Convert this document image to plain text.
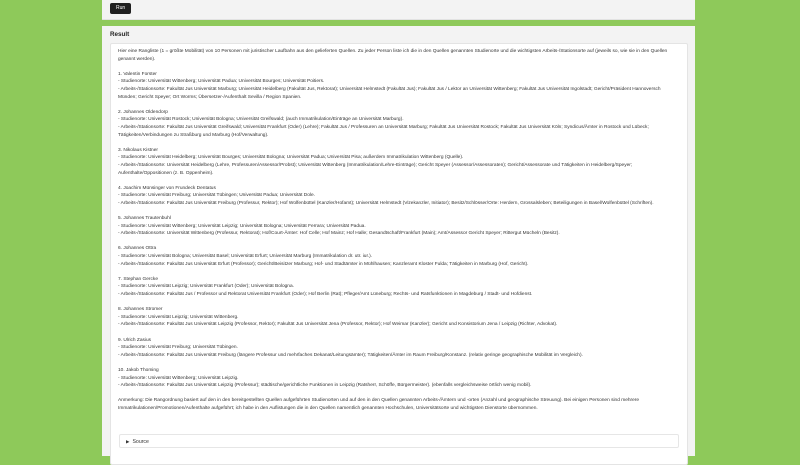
Run
Result
Hier eine Rangliste (1 = größte Mobilität) von 10 Personen mit juristischer Laufbahn aus den gelieferten Quellen. Zu jeder Person liste ich die in den Quellen genannten Studienorte und die wichtigsten Arbeits-/Stationsorte auf (jeweils so, wie sie in den Quellen genannt werden).

1. Valentin Forster
- Studienorte: Universität Wittenberg; Universität Padua; Universität Bourges; Universität Poitiers.
- Arbeits-/Stationsorte: Fakultät Jus Universität Marburg; Universität Heidelberg (Fakultät Jus, Rektorat); Universität Helmstedt (Fakultät Jus); Fakultät Jus / Lektor an Universität Wittenberg; Fakultät Jus Universität Ingolstadt; Gericht/Präsident Hannoversch Münden; Gericht Speyer; Ort Worms; Übersetzer-/Aufenthalt Sevilla / Region Spanien.

2. Johannes Oldendorp
- Studienorte: Universität Rostock; Universität Bologna; Universität Greifswald; (auch Immatrikulation/Einträge an Universität Marburg).
- Arbeits-/Stationsorte: Fakultät Jus Universität Greifswald; Universität Frankfurt (Oder) (Lehre); Fakultät Jus / Professuren an Universität Marburg; Fakultät Jus Universität Rostock; Fakultät Jus Universität Köln; Syndicus/Ämter in Rostock und Lübeck; Tätigkeiten/Verbindungen zu Straßburg und Marburg (Hof/Verwaltung).

3. Nikolaus Kistner
- Studienorte: Universität Heidelberg; Universität Bourges; Universität Bologna; Universität Padua; Universität Pisa; außerdem Immatrikulation Wittenberg (Quelle).
- Arbeits-/Stationsorte: Universität Heidelberg (Lehre, Professuren/Assessor/Probst); Universität Wittenberg (Immatrikulation/Lehre-Einträge); Gericht Speyer (Assessor/Assessoraten); Gericht/Assessorate und Tätigkeiten in Heidelberg/Speyer; Aufenthalte/Oppositionen (z. B. Oppenheim).

4. Joachim Münsinger von Frundeck Dentatus
- Studienorte: Universität Freiburg; Universität Tübingen; Universität Padua; Universität Dole.
- Arbeits-/Stationsorte: Fakultät Jus Universität Freiburg (Professur, Rektor); Hof Wolfenbüttel (Kanzler/Hofamt); Universität Helmstedt (Vizekanzler, Initiator); Besitz/Schlösser/Orte: Herdern, Grossalsleben; Beteiligungen in Basel/Wolfenbüttel (Schriften).

5. Johannes Trautenbuhl
- Studienorte: Universität Wittenberg; Universität Leipzig; Universität Bologna; Universität Ferrara; Universität Padua.
- Arbeits-/Stationsorte: Universität Wittenberg (Professur, Rektorat); Hof/Court-Ämter: Hof Celle; Hof Mainz; Hof Halle; Gesandtschaft/Frankfurt (Main); Amt/Assessor Gericht Speyer; Rittergut Mücheln (Besitz).

6. Johannes Ottra
- Studienorte: Universität Bologna; Universität Basel; Universität Erfurt; Universität Marburg (Immatrikulation dr. utr. iur.).
- Arbeits-/Stationsorte: Fakultät Jus Universität Erfurt (Professor); Gericht/Beisitzer Marburg; Hof- und Stadtämter in Mühlhausen; Kanzleramt Kloster Fulda; Tätigkeiten in Marburg (Hof, Gericht).

7. Stephan Gercke
- Studienorte: Universität Leipzig; Universität Frankfurt (Oder); Universität Bologna.
- Arbeits-/Stationsorte: Fakultät Jus / Professor und Rektorat Universität Frankfurt (Oder); Hof Berlin (Rat); Pfleger/Amt Lüneburg; Rechts- und Ratsfunktionen in Magdeburg / Stadt- und Hofdienst.

8. Johannes Stromer
- Studienorte: Universität Leipzig; Universität Wittenberg.
- Arbeits-/Stationsorte: Fakultät Jus Universität Leipzig (Professor, Rektor); Fakultät Jus Universität Jena (Professor, Rektor); Hof Weimar (Kanzler); Gericht und Konsistorium Jena / Leipzig (Richter, Advokat).

9. Ulrich Zasius
- Studienorte: Universität Freiburg; Universität Tübingen.
- Arbeits-/Stationsorte: Fakultät Jus Universität Freiburg (längere Professur und mehrfaches Dekanat/Leitungsämter); Tätigkeiten/Ämter im Raum Freiburg/Konstanz. (relativ geringe geographische Mobilität im Vergleich).

10. Jakob Thoming
- Studienorte: Universität Wittenberg; Universität Leipzig.
- Arbeits-/Stationsorte: Fakultät Jus Universität Leipzig (Professur); städtische/gerichtliche Funktionen in Leipzig (Ratsherr, Schöffe, Bürgermeister). (ebenfalls vergleichsweise örtlich wenig mobil).

Anmerkung: Die Rangordnung basiert auf den in den bereitgestellten Quellen aufgeführten Studienorten und auf den in den Quellen genannten Arbeits-/Ämtern und -orten (Anzahl und geographische Streuung). Bei einigen Personen sind mehrere Immatrikulationen/Promotionen/Aufenthalte aufgeführt; ich habe in den Auflistungen die in den Quellen namentlich genannten Hochschulen, Universitätsorte und wichtigsten Dienstorte übernommen.
▶ Source
